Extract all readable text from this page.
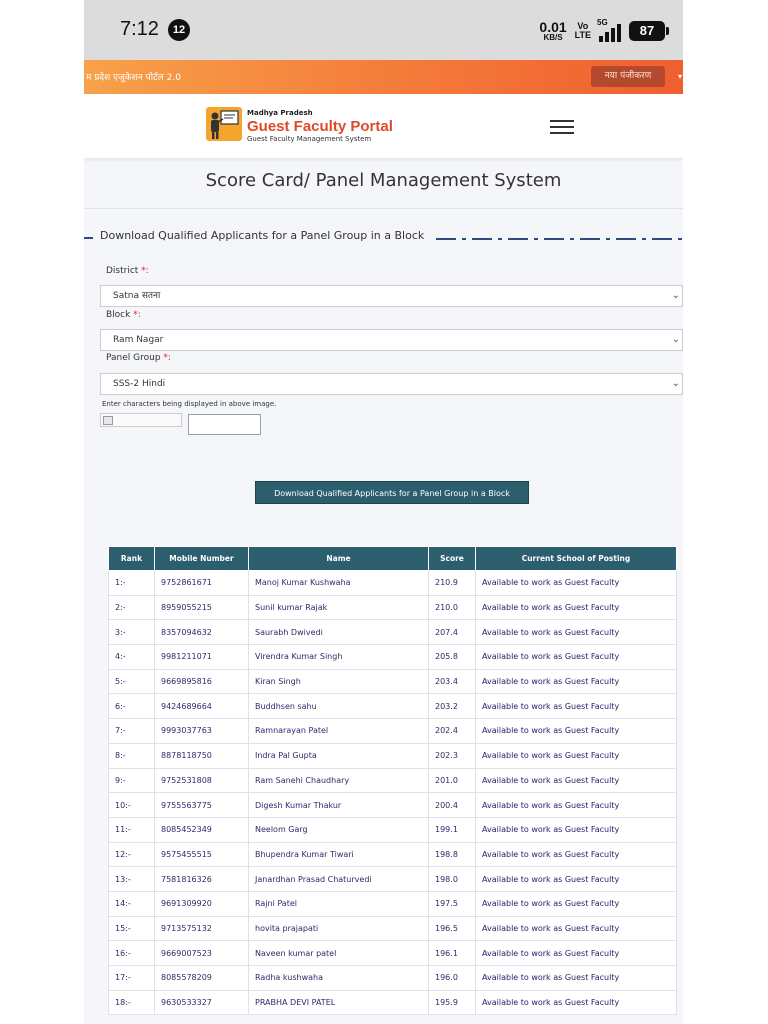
7:12	12	0.01
KB/S
Vo
LTE
5G
87
म प्रदेश एजुकेशन पोर्टल 2.0	नया पंजीकरण	▾
Madhya Pradesh
Guest Faculty Portal
Guest Faculty Management System
Score Card/ Panel Management System
Download Qualified Applicants for a Panel Group in a Block
District *:
Satna सतना	⌄
Block *:
Ram Nagar	⌄
Panel Group *:
SSS-2 Hindi	⌄
Enter characters being displayed in above image.
Download Qualified Applicants for a Panel Group in a Block
Rank	Mobile Number	Name	Score	Current School of Posting
1:-	9752861671	Manoj Kumar Kushwaha	210.9	Available to work as Guest Faculty
2:-	8959055215	Sunil kumar Rajak	210.0	Available to work as Guest Faculty
3:-	8357094632	Saurabh Dwivedi	207.4	Available to work as Guest Faculty
4:-	9981211071	Virendra Kumar Singh	205.8	Available to work as Guest Faculty
5:-	9669895816	Kiran Singh	203.4	Available to work as Guest Faculty
6:-	9424689664	Buddhsen sahu	203.2	Available to work as Guest Faculty
7:-	9993037763	Ramnarayan Patel	202.4	Available to work as Guest Faculty
8:-	8878118750	Indra Pal Gupta	202.3	Available to work as Guest Faculty
9:-	9752531808	Ram Sanehi Chaudhary	201.0	Available to work as Guest Faculty
10:-	9755563775	Digesh Kumar Thakur	200.4	Available to work as Guest Faculty
11:-	8085452349	Neelom Garg	199.1	Available to work as Guest Faculty
12:-	9575455515	Bhupendra Kumar Tiwari	198.8	Available to work as Guest Faculty
13:-	7581816326	Janardhan Prasad Chaturvedi	198.0	Available to work as Guest Faculty
14:-	9691309920	Rajni Patel	197.5	Available to work as Guest Faculty
15:-	9713575132	hovita prajapati	196.5	Available to work as Guest Faculty
16:-	9669007523	Naveen kumar patel	196.1	Available to work as Guest Faculty
17:-	8085578209	Radha kushwaha	196.0	Available to work as Guest Faculty
18:-	9630533327	PRABHA DEVI PATEL	195.9	Available to work as Guest Faculty
